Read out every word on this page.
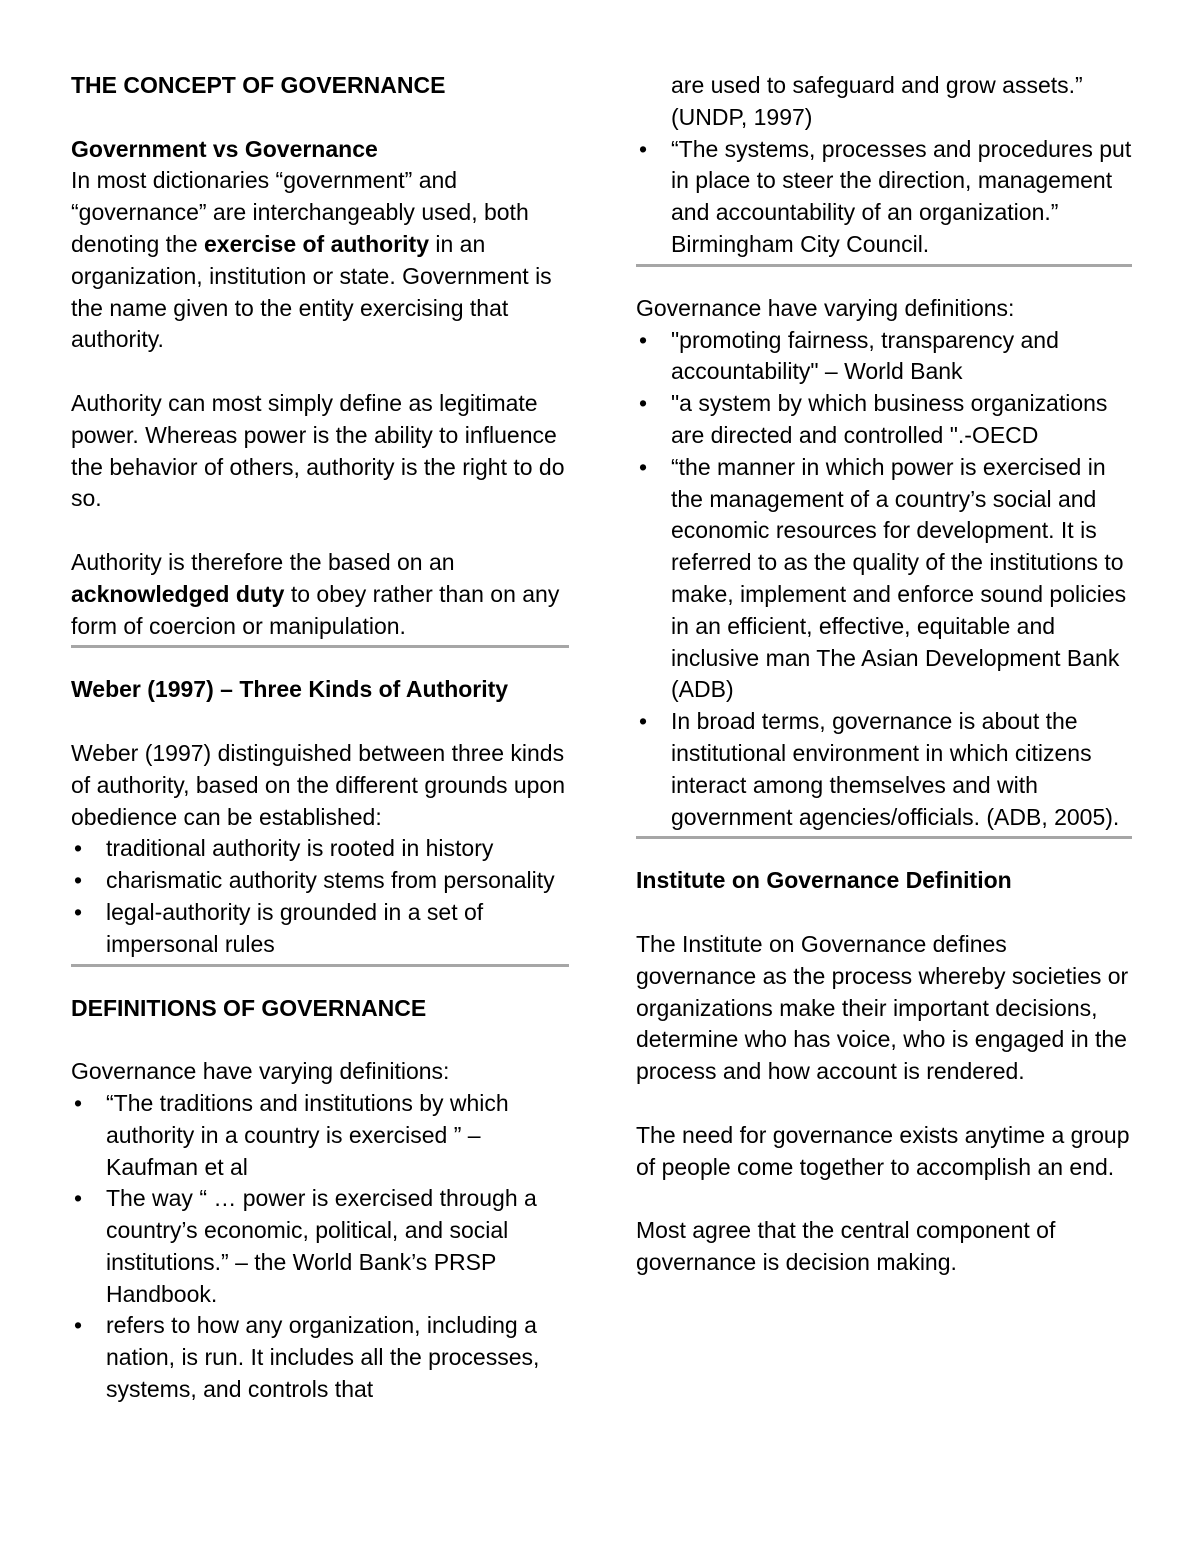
THE CONCEPT OF GOVERNANCE

Government vs Governance

In most dictionaries “government” and “governance” are interchangeably used, both denoting the exercise of authority in an organization, institution or state. Government is the name given to the entity exercising that authority.

Authority can most simply define as legitimate power. Whereas power is the ability to influence the behavior of others, authority is the right to do so.

Authority is therefore the based on an acknowledged duty to obey rather than on any form of coercion or manipulation.

Weber (1997) – Three Kinds of Authority

Weber (1997) distinguished between three kinds of authority, based on the different grounds upon obedience can be established:

• traditional authority is rooted in history
• charismatic authority stems from personality
• legal-authority is grounded in a set of impersonal rules

DEFINITIONS OF GOVERNANCE

Governance have varying definitions:

• “The traditions and institutions by which authority in a country is exercised ” – Kaufman et al
• The way “ … power is exercised through a country’s economic, political, and social institutions.” – the World Bank’s PRSP Handbook.
• refers to how any organization, including a nation, is run. It includes all the processes, systems, and controls that
are used to safeguard and grow assets.” (UNDP, 1997)
• “The systems, processes and procedures put in place to steer the direction, management and accountability of an organization.” Birmingham City Council.

Governance have varying definitions:

• "promoting fairness, transparency and accountability" – World Bank
• "a system by which business organizations are directed and controlled ".-OECD
• “the manner in which power is exercised in the management of a country’s social and economic resources for development. It is referred to as the quality of the institutions to make, implement and enforce sound policies in an efficient, effective, equitable and inclusive man The Asian Development Bank (ADB)
• In broad terms, governance is about the institutional environment in which citizens interact among themselves and with government agencies/officials. (ADB, 2005).

Institute on Governance Definition

The Institute on Governance defines governance as the process whereby societies or organizations make their important decisions, determine who has voice, who is engaged in the process and how account is rendered.

The need for governance exists anytime a group of people come together to accomplish an end.

Most agree that the central component of governance is decision making.
